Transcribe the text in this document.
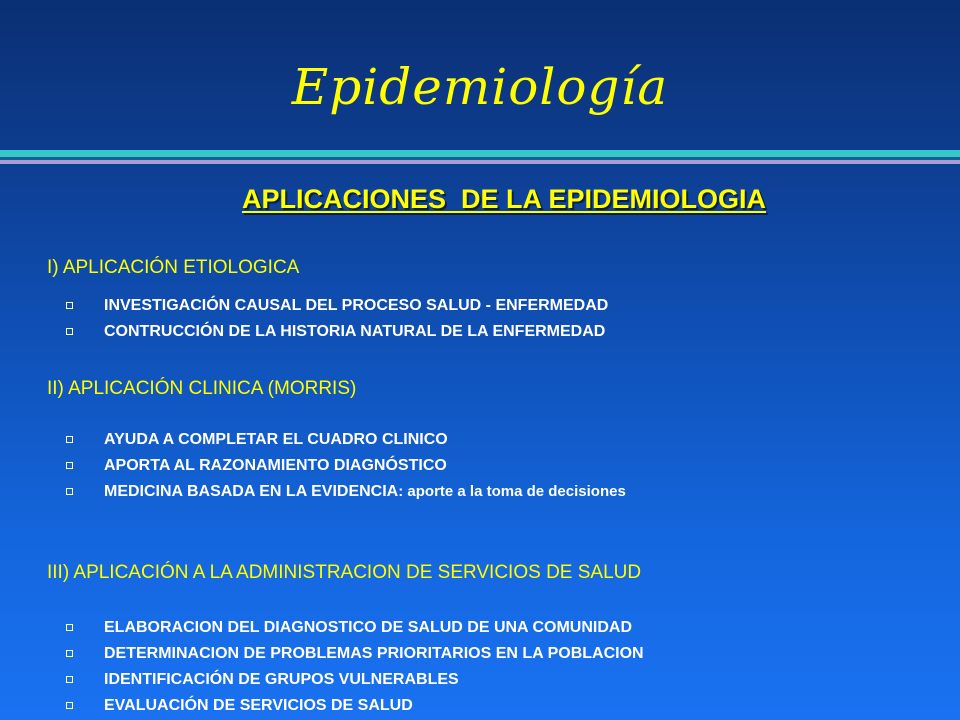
Epidemiología
APLICACIONES  DE LA EPIDEMIOLOGIA
I) APLICACIÓN ETIOLOGICA
INVESTIGACIÓN CAUSAL DEL PROCESO SALUD - ENFERMEDAD
CONTRUCCIÓN DE LA HISTORIA NATURAL DE LA ENFERMEDAD
II) APLICACIÓN CLINICA (MORRIS)
AYUDA A COMPLETAR EL CUADRO CLINICO
APORTA AL RAZONAMIENTO DIAGNÓSTICO
MEDICINA BASADA EN LA EVIDENCIA: aporte a la toma de decisiones
III) APLICACIÓN A LA ADMINISTRACION DE SERVICIOS DE SALUD
ELABORACION DEL DIAGNOSTICO DE SALUD DE UNA COMUNIDAD
DETERMINACION DE PROBLEMAS PRIORITARIOS EN LA POBLACION
IDENTIFICACIÓN DE GRUPOS VULNERABLES
EVALUACIÓN DE SERVICIOS DE SALUD
